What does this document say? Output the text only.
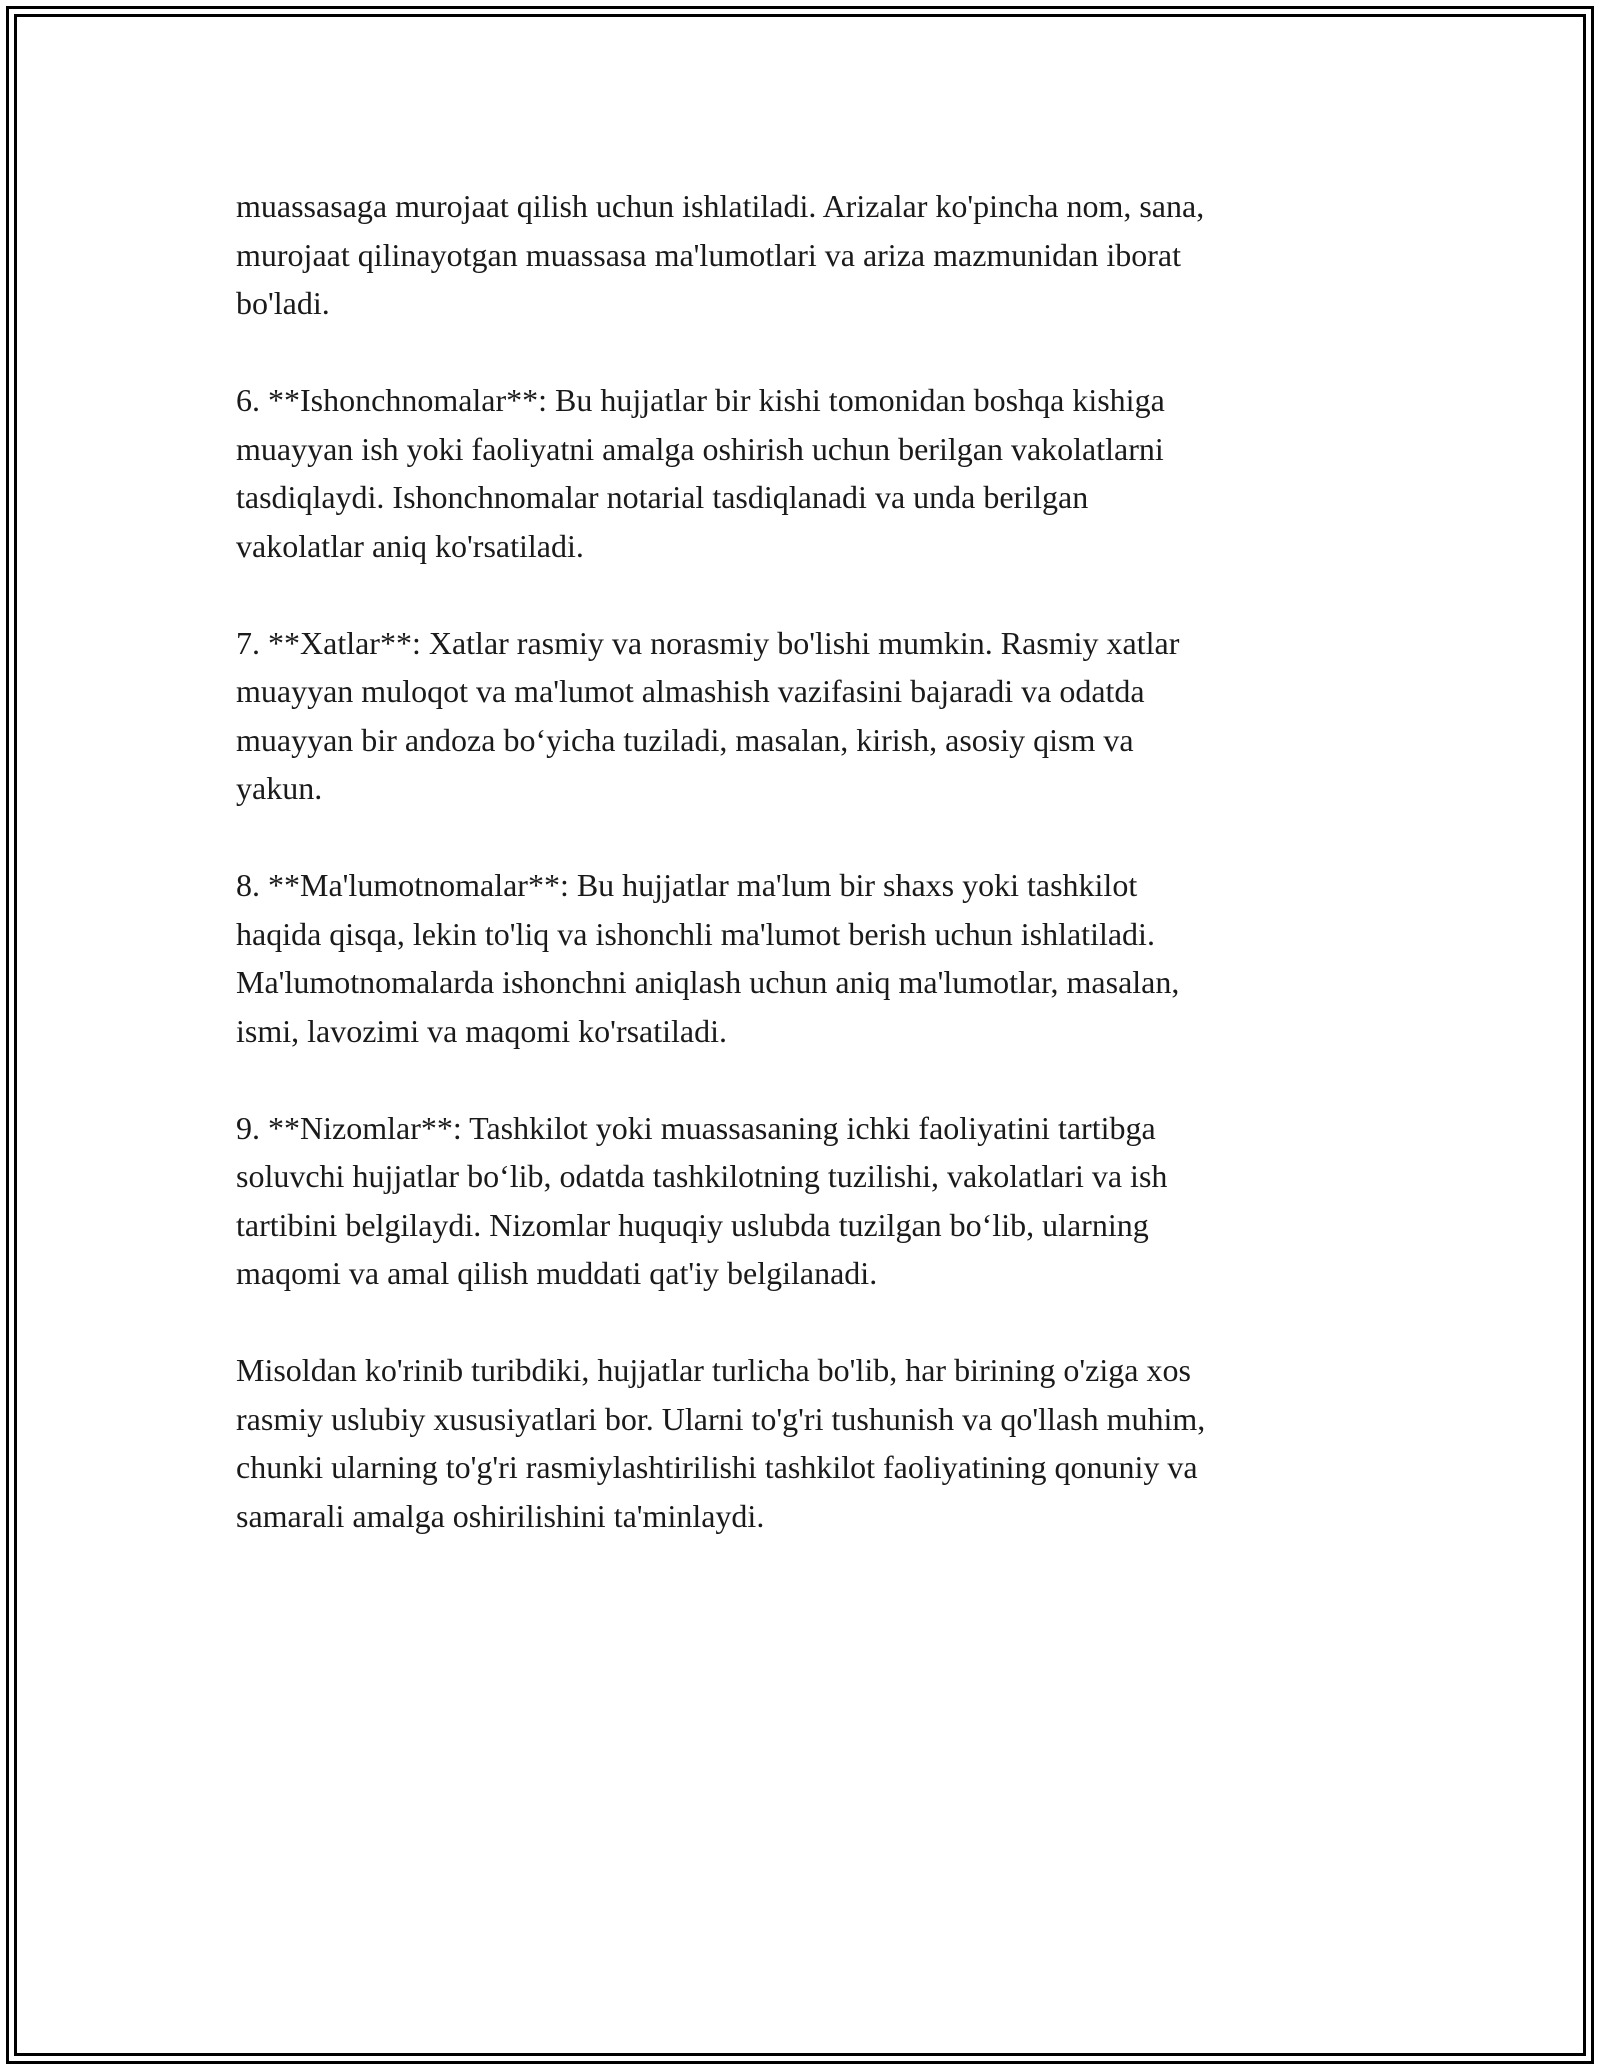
muassasaga murojaat qilish uchun ishlatiladi. Arizalar ko'pincha nom, sana,
murojaat qilinayotgan muassasa ma'lumotlari va ariza mazmunidan iborat
bo'ladi.

6. **Ishonchnomalar**: Bu hujjatlar bir kishi tomonidan boshqa kishiga
muayyan ish yoki faoliyatni amalga oshirish uchun berilgan vakolatlarni
tasdiqlaydi. Ishonchnomalar notarial tasdiqlanadi va unda berilgan
vakolatlar aniq ko'rsatiladi.

7. **Xatlar**: Xatlar rasmiy va norasmiy bo'lishi mumkin. Rasmiy xatlar
muayyan muloqot va ma'lumot almashish vazifasini bajaradi va odatda
muayyan bir andoza bo‘yicha tuziladi, masalan, kirish, asosiy qism va
yakun.

8. **Ma'lumotnomalar**: Bu hujjatlar ma'lum bir shaxs yoki tashkilot
haqida qisqa, lekin to'liq va ishonchli ma'lumot berish uchun ishlatiladi.
Ma'lumotnomalarda ishonchni aniqlash uchun aniq ma'lumotlar, masalan,
ismi, lavozimi va maqomi ko'rsatiladi.

9. **Nizomlar**: Tashkilot yoki muassasaning ichki faoliyatini tartibga
soluvchi hujjatlar bo‘lib, odatda tashkilotning tuzilishi, vakolatlari va ish
tartibini belgilaydi. Nizomlar huquqiy uslubda tuzilgan bo‘lib, ularning
maqomi va amal qilish muddati qat'iy belgilanadi.

Misoldan ko'rinib turibdiki, hujjatlar turlicha bo'lib, har birining o'ziga xos
rasmiy uslubiy xususiyatlari bor. Ularni to'g'ri tushunish va qo'llash muhim,
chunki ularning to'g'ri rasmiylashtirilishi tashkilot faoliyatining qonuniy va
samarali amalga oshirilishini ta'minlaydi.
